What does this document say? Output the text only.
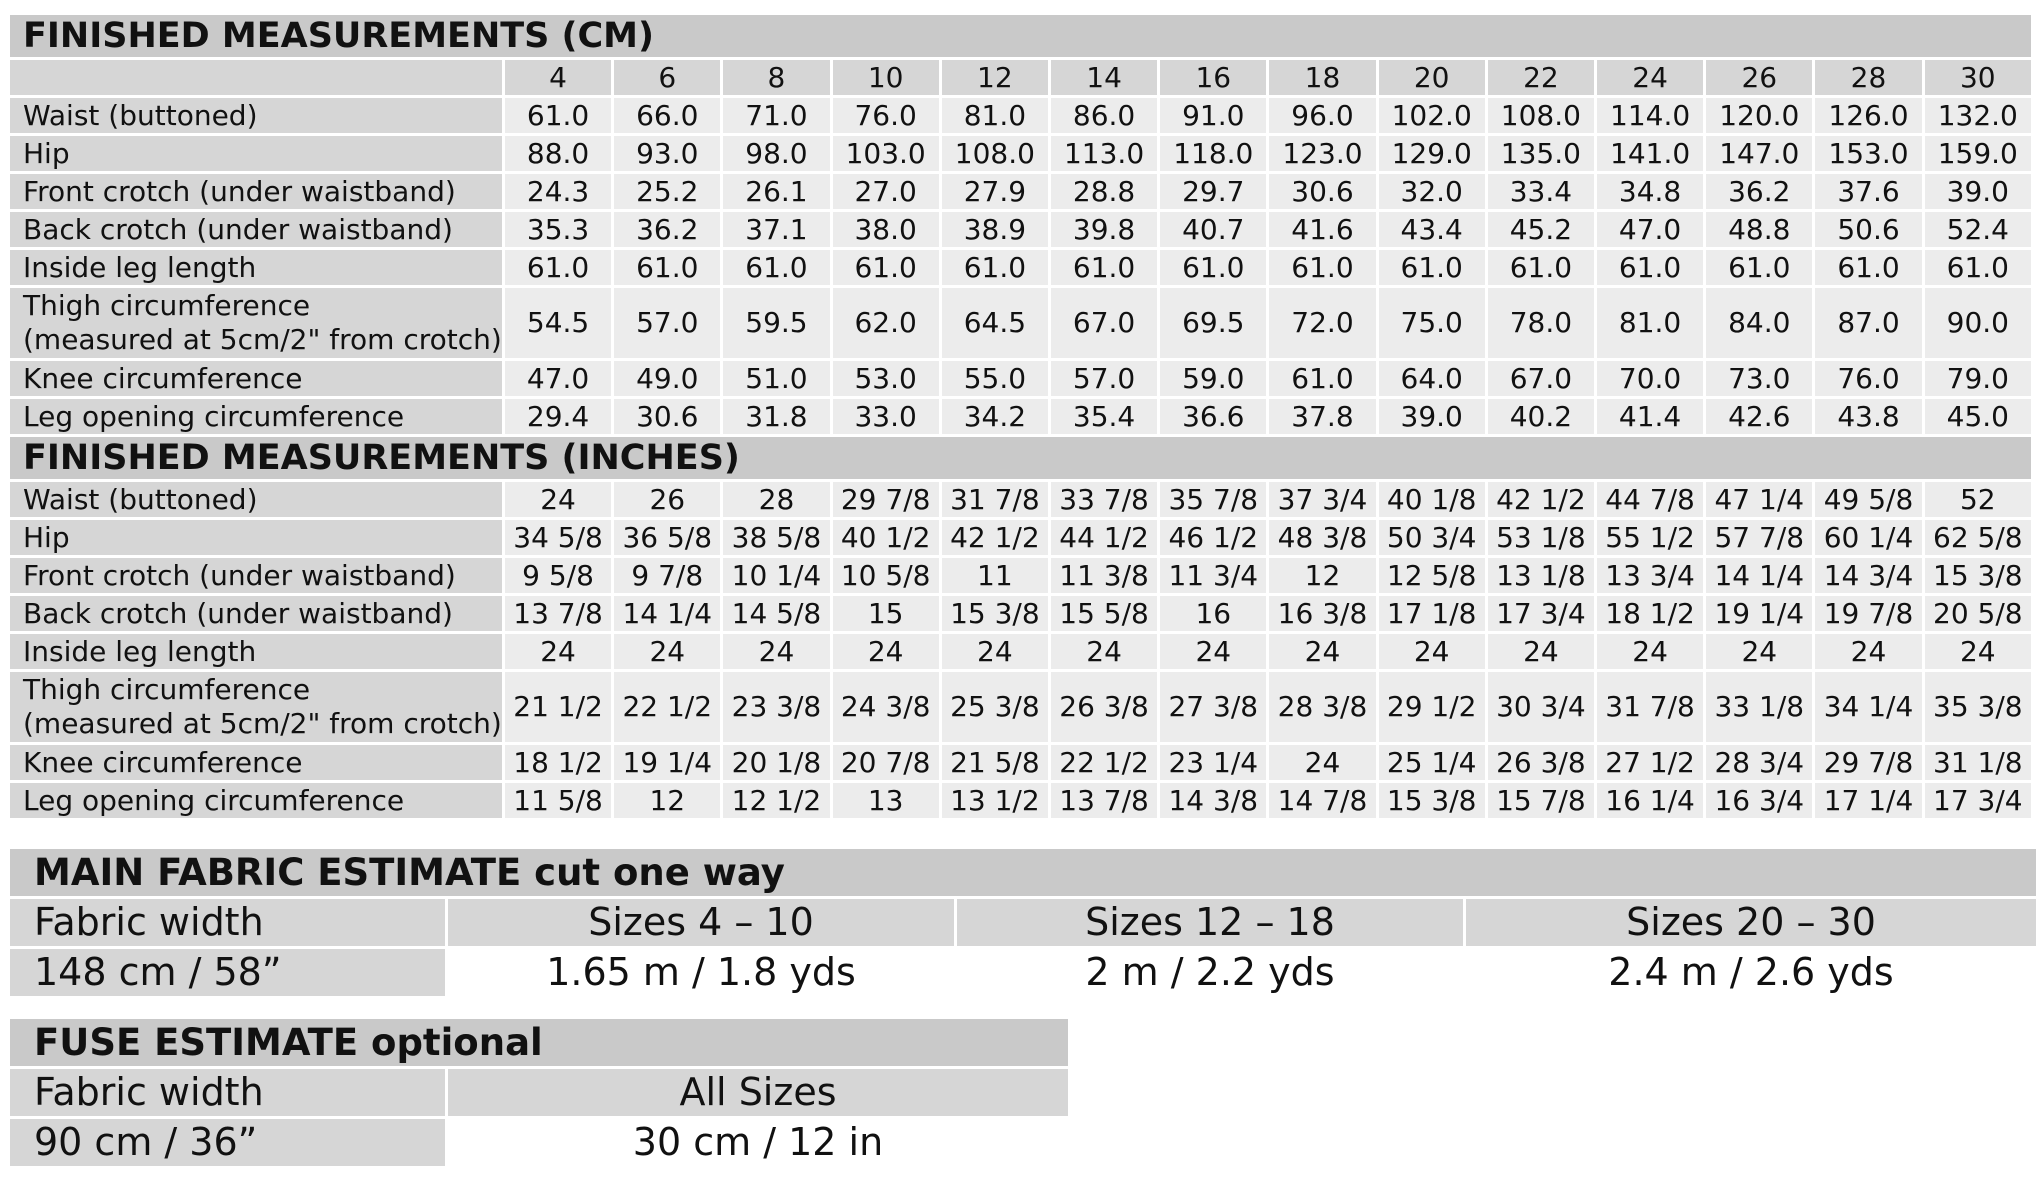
FINISHED MEASUREMENTS (CM)														
	4	6	8	10	12	14	16	18	20	22	24	26	28	30
Waist (buttoned)	61.0	66.0	71.0	76.0	81.0	86.0	91.0	96.0	102.0	108.0	114.0	120.0	126.0	132.0
Hip	88.0	93.0	98.0	103.0	108.0	113.0	118.0	123.0	129.0	135.0	141.0	147.0	153.0	159.0
Front crotch (under waistband)	24.3	25.2	26.1	27.0	27.9	28.8	29.7	30.6	32.0	33.4	34.8	36.2	37.6	39.0
Back crotch (under waistband)	35.3	36.2	37.1	38.0	38.9	39.8	40.7	41.6	43.4	45.2	47.0	48.8	50.6	52.4
Inside leg length	61.0	61.0	61.0	61.0	61.0	61.0	61.0	61.0	61.0	61.0	61.0	61.0	61.0	61.0

Thigh circumference
(measured at 5cm/2" from crotch)	54.5	57.0	59.5	62.0	64.5	67.0	69.5	72.0	75.0	78.0	81.0	84.0	87.0	90.0
Knee circumference	47.0	49.0	51.0	53.0	55.0	57.0	59.0	61.0	64.0	67.0	70.0	73.0	76.0	79.0
Leg opening circumference	29.4	30.6	31.8	33.0	34.2	35.4	36.6	37.8	39.0	40.2	41.4	42.6	43.8	45.0
FINISHED MEASUREMENTS (INCHES)														
Waist (buttoned)	24	26	28	29 7/8	31 7/8	33 7/8	35 7/8	37 3/4	40 1/8	42 1/2	44 7/8	47 1/4	49 5/8	52
Hip	34 5/8	36 5/8	38 5/8	40 1/2	42 1/2	44 1/2	46 1/2	48 3/8	50 3/4	53 1/8	55 1/2	57 7/8	60 1/4	62 5/8
Front crotch (under waistband)	9 5/8	9 7/8	10 1/4	10 5/8	11	11 3/8	11 3/4	12	12 5/8	13 1/8	13 3/4	14 1/4	14 3/4	15 3/8
Back crotch (under waistband)	13 7/8	14 1/4	14 5/8	15	15 3/8	15 5/8	16	16 3/8	17 1/8	17 3/4	18 1/2	19 1/4	19 7/8	20 5/8
Inside leg length	24	24	24	24	24	24	24	24	24	24	24	24	24	24

Thigh circumference
(measured at 5cm/2" from crotch)	21 1/2	22 1/2	23 3/8	24 3/8	25 3/8	26 3/8	27 3/8	28 3/8	29 1/2	30 3/4	31 7/8	33 1/8	34 1/4	35 3/8
Knee circumference	18 1/2	19 1/4	20 1/8	20 7/8	21 5/8	22 1/2	23 1/4	24	25 1/4	26 3/8	27 1/2	28 3/4	29 7/8	31 1/8
Leg opening circumference	11 5/8	12	12 1/2	13	13 1/2	13 7/8	14 3/8	14 7/8	15 3/8	15 7/8	16 1/4	16 3/4	17 1/4	17 3/4
MAIN FABRIC ESTIMATE cut one way			
Fabric width	Sizes 4 – 10	Sizes 12 – 18	Sizes 20 – 30
148 cm / 58”	1.65 m / 1.8 yds	2 m / 2.2 yds	2.4 m / 2.6 yds
FUSE ESTIMATE optional	
Fabric width	All Sizes
90 cm / 36”	30 cm / 12 in
